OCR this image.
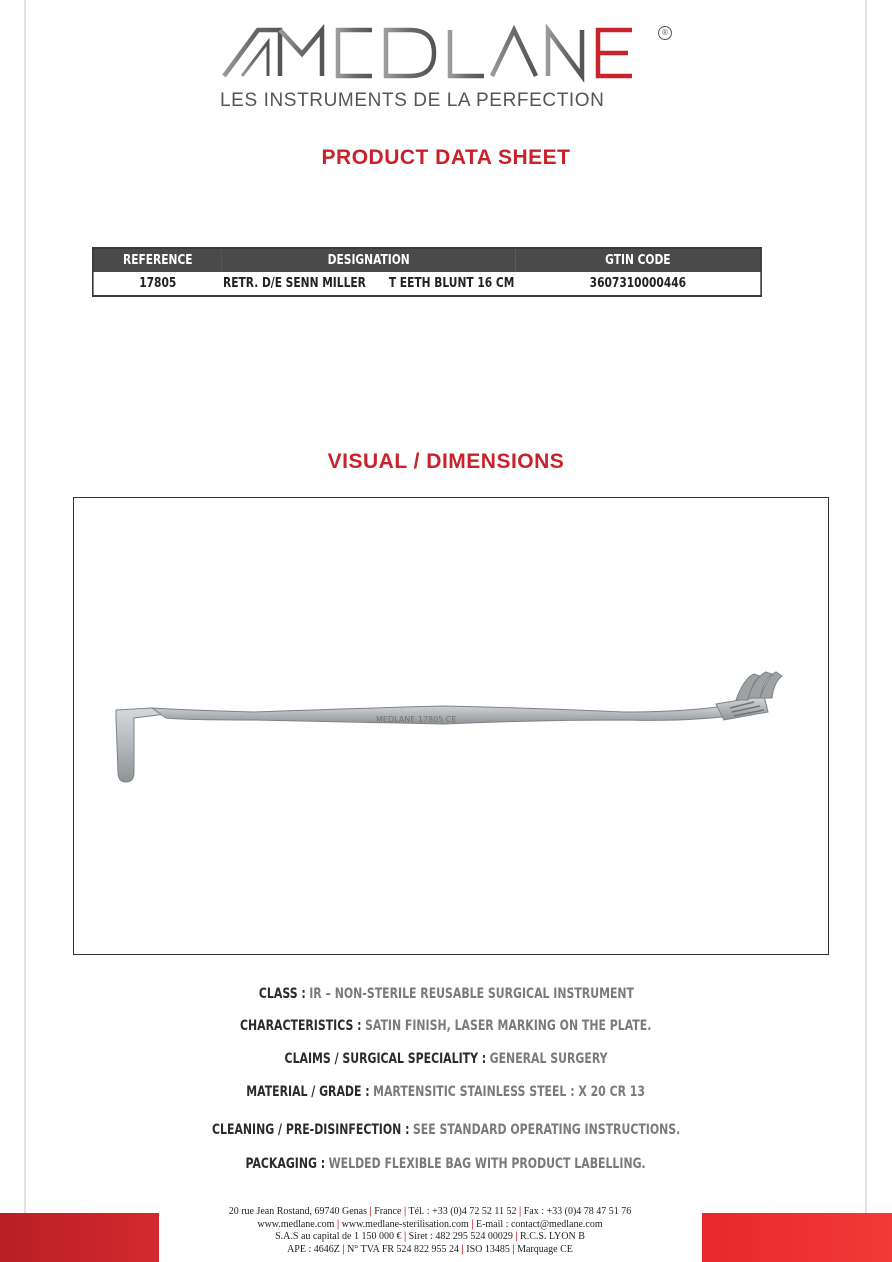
®
LES INSTRUMENTS DE LA PERFECTION
PRODUCT DATA SHEET
REFERENCE	DESIGNATION	GTIN CODE
17805	RETR. D/E SENN MILLER T EETH BLUNT 16 CM	3607310000446
VISUAL / DIMENSIONS
MEDLANE 17805 CE
CLASS : IR – NON-STERILE REUSABLE SURGICAL INSTRUMENT
CHARACTERISTICS : SATIN FINISH, LASER MARKING ON THE PLATE.
CLAIMS / SURGICAL SPECIALITY : GENERAL SURGERY
MATERIAL / GRADE : MARTENSITIC STAINLESS STEEL : X 20 CR 13
CLEANING / PRE-DISINFECTION : SEE STANDARD OPERATING INSTRUCTIONS.
PACKAGING : WELDED FLEXIBLE BAG WITH PRODUCT LABELLING.
20 rue Jean Rostand, 69740 Genas | France | Tél. : +33 (0)4 72 52 11 52 | Fax : +33 (0)4 78 47 51 76
www.medlane.com | www.medlane-sterilisation.com | E-mail : contact@medlane.com
S.A.S au capital de 1 150 000 € | Siret : 482 295 524 00029 | R.C.S. LYON B
APE : 4646Z | N° TVA FR 524 822 955 24 | ISO 13485 | Marquage CE
